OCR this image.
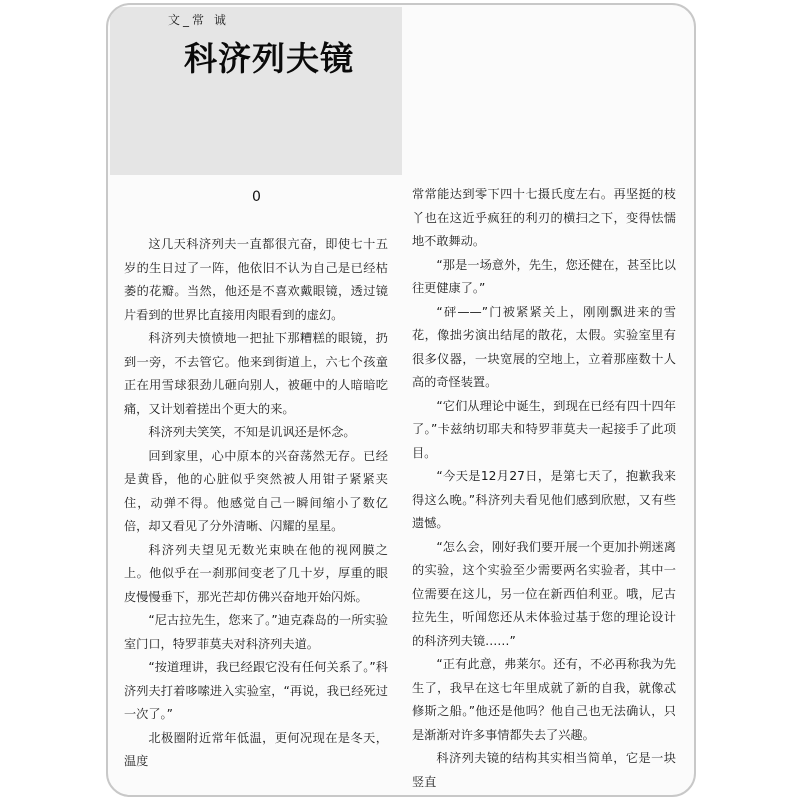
文_常 诚
科济列夫镜
0

这几天科济列夫一直都很亢奋，即使七十五岁的生日过了一阵，他依旧不认为自己是已经枯萎的花瓣。当然，他还是不喜欢戴眼镜，透过镜片看到的世界比直接用肉眼看到的虚幻。

科济列夫愤愤地一把扯下那糟糕的眼镜，扔到一旁，不去管它。他来到街道上，六七个孩童正在用雪球狠劲儿砸向别人，被砸中的人暗暗吃痛，又计划着搓出个更大的来。

科济列夫笑笑，不知是讥讽还是怀念。

回到家里，心中原本的兴奋荡然无存。已经是黄昏，他的心脏似乎突然被人用钳子紧紧夹住，动弹不得。他感觉自己一瞬间缩小了数亿倍，却又看见了分外清晰、闪耀的星星。

科济列夫望见无数光束映在他的视网膜之上。他似乎在一刹那间变老了几十岁，厚重的眼皮慢慢垂下，那光芒却仿佛兴奋地开始闪烁。

“尼古拉先生，您来了。”迪克森岛的一所实验室门口，特罗菲莫夫对科济列夫道。

“按道理讲，我已经跟它没有任何关系了。”科济列夫打着哆嗦进入实验室，“再说，我已经死过一次了。”

北极圈附近常年低温，更何况现在是冬天，温度

常常能达到零下四十七摄氏度左右。再坚挺的枝丫也在这近乎疯狂的利刃的横扫之下，变得怯懦地不敢舞动。

“那是一场意外，先生，您还健在，甚至比以往更健康了。”

“砰——”门被紧紧关上，刚刚飘进来的雪花，像拙劣演出结尾的散花，太假。实验室里有很多仪器，一块宽展的空地上，立着那座数十人高的奇怪装置。

“它们从理论中诞生，到现在已经有四十四年了。”卡兹纳切耶夫和特罗菲莫夫一起接手了此项目。

“今天是12月27日，是第七天了，抱歉我来得这么晚。”科济列夫看见他们感到欣慰，又有些遗憾。

“怎么会，刚好我们要开展一个更加扑朔迷离的实验，这个实验至少需要两名实验者，其中一位需要在这儿，另一位在新西伯利亚。哦，尼古拉先生，听闻您还从未体验过基于您的理论设计的科济列夫镜……”

“正有此意，弗莱尔。还有，不必再称我为先生了，我早在这七年里成就了新的自我，就像忒修斯之船。”他还是他吗？他自己也无法确认，只是渐渐对许多事情都失去了兴趣。

科济列夫镜的结构其实相当简单，它是一块竖直
